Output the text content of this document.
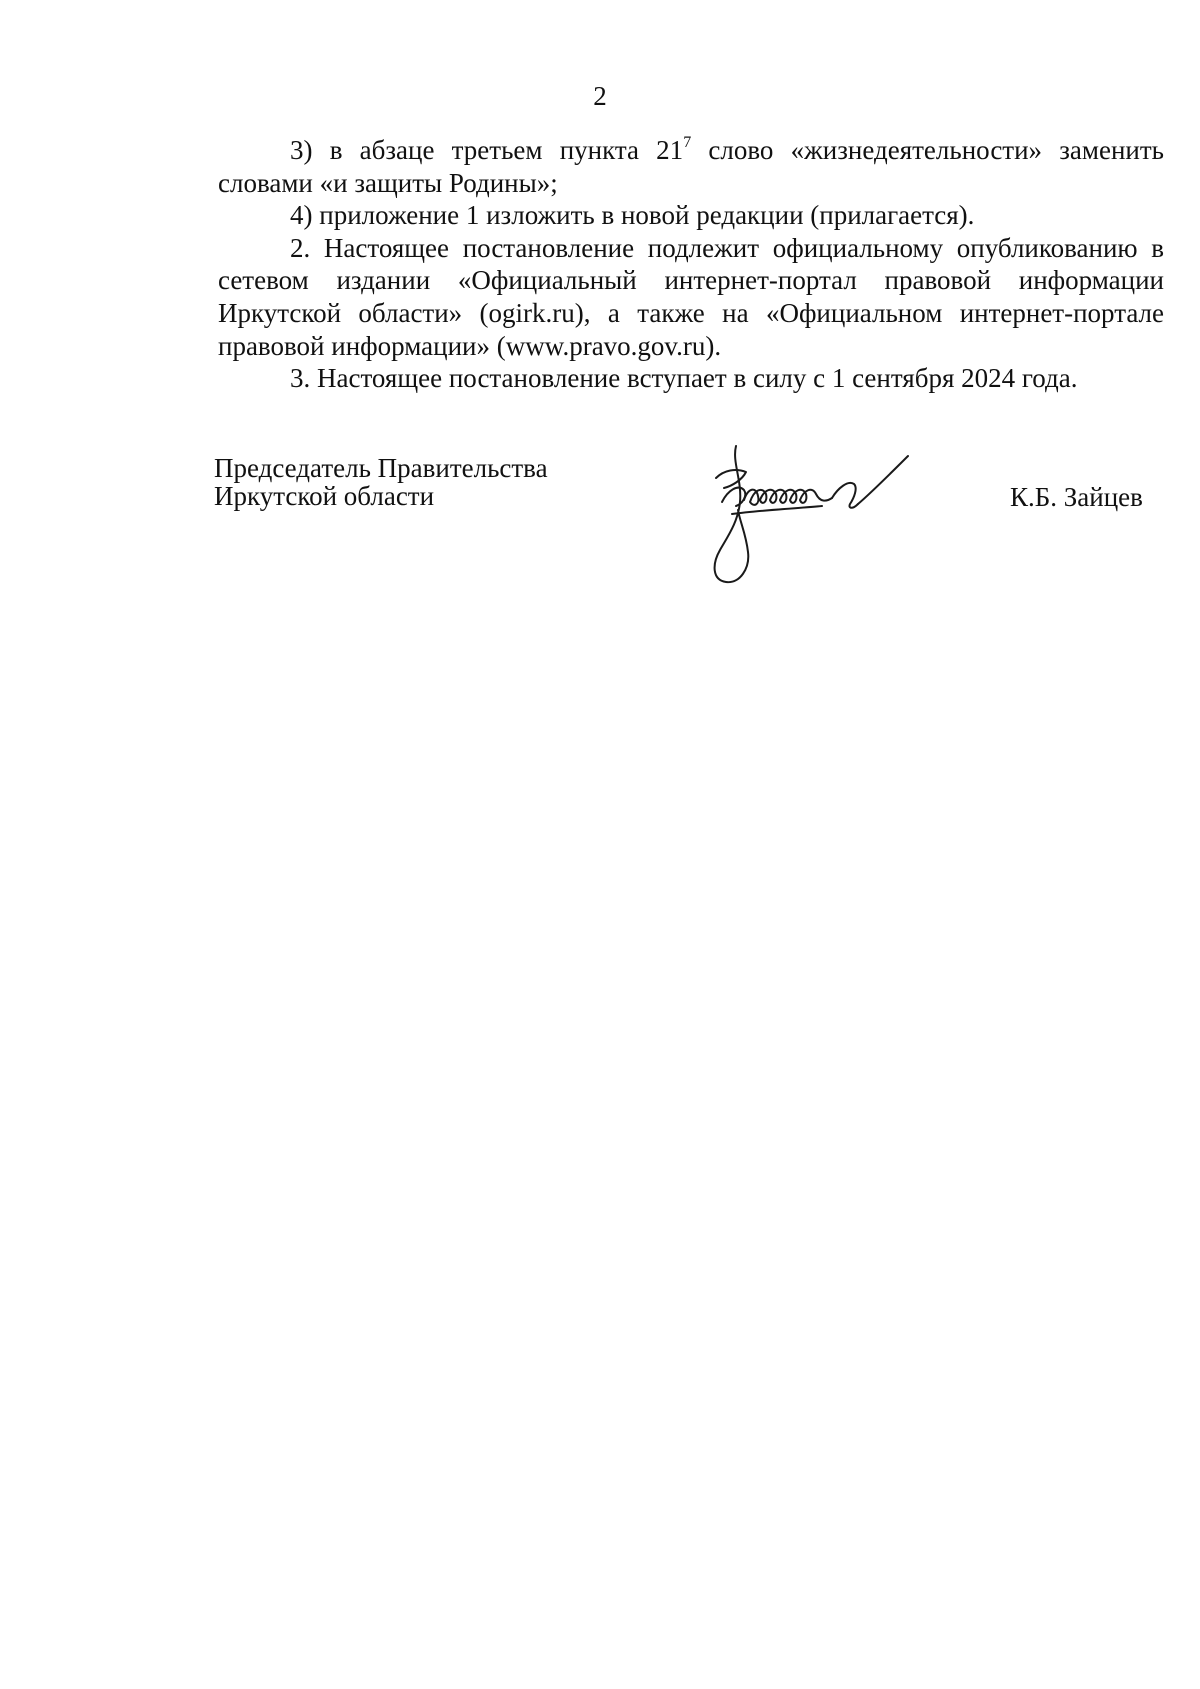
2

3) в абзаце третьем пункта $21^7$ слово «жизнедеятельности» заменить словами «и защиты Родины»;

4) приложение 1 изложить в новой редакции (прилагается).

2. Настоящее постановление подлежит официальному опубликованию в сетевом издании «Официальный интернет-портал правовой информации Иркутской области» (ogirk.ru), а также на «Официальном интернет-портале правовой информации» (www.pravo.gov.ru).

3. Настоящее постановление вступает в силу с 1 сентября 2024 года.

Председатель Правительства
Иркутской области	К.Б. Зайцев
